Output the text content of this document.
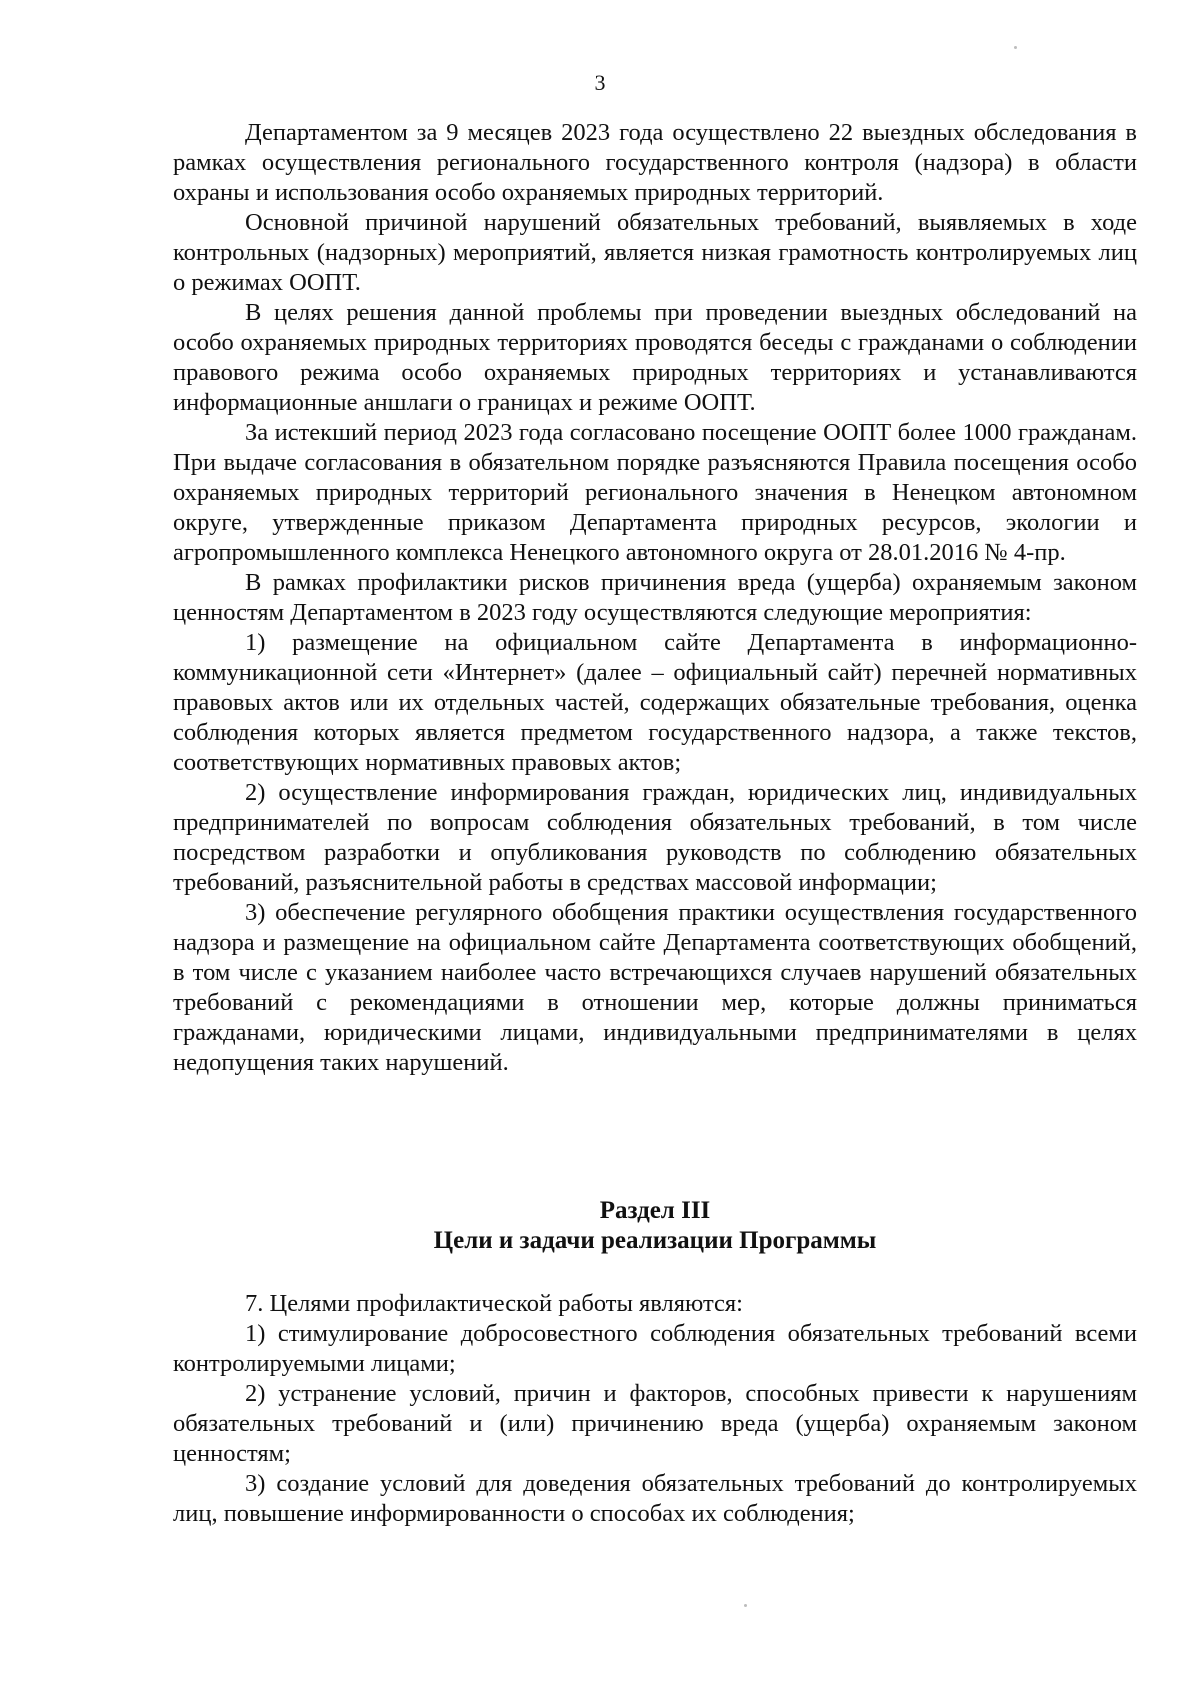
3

Департаментом за 9 месяцев 2023 года осуществлено 22 выездных обследования в рамках осуществления регионального государственного контроля (надзора) в области охраны и использования особо охраняемых природных территорий.

Основной причиной нарушений обязательных требований, выявляемых в ходе контрольных (надзорных) мероприятий, является низкая грамотность контролируемых лиц о режимах ООПТ.

В целях решения данной проблемы при проведении выездных обследований на особо охраняемых природных территориях проводятся беседы с гражданами о соблюдении правового режима особо охраняемых природных территориях и устанавливаются информационные аншлаги о границах и режиме ООПТ.

За истекший период 2023 года согласовано посещение ООПТ более 1000 гражданам. При выдаче согласования в обязательном порядке разъясняются Правила посещения особо охраняемых природных территорий регионального значения в Ненецком автономном округе, утвержденные приказом Департамента природных ресурсов, экологии и агропромышленного комплекса Ненецкого автономного округа от 28.01.2016 № 4-пр.

В рамках профилактики рисков причинения вреда (ущерба) охраняемым законом ценностям Департаментом в 2023 году осуществляются следующие мероприятия:

1) размещение на официальном сайте Департамента в информационно-коммуникационной сети «Интернет» (далее – официальный сайт) перечней нормативных правовых актов или их отдельных частей, содержащих обязательные требования, оценка соблюдения которых является предметом государственного надзора, а также текстов, соответствующих нормативных правовых актов;

2) осуществление информирования граждан, юридических лиц, индивидуальных предпринимателей по вопросам соблюдения обязательных требований, в том числе посредством разработки и опубликования руководств по соблюдению обязательных требований, разъяснительной работы в средствах массовой информации;

3) обеспечение регулярного обобщения практики осуществления государственного надзора и размещение на официальном сайте Департамента соответствующих обобщений, в том числе с указанием наиболее часто встречающихся случаев нарушений обязательных требований с рекомендациями в отношении мер, которые должны приниматься гражданами, юридическими лицами, индивидуальными предпринимателями в целях недопущения таких нарушений.

Раздел III
Цели и задачи реализации Программы

7. Целями профилактической работы являются:

1) стимулирование добросовестного соблюдения обязательных требований всеми контролируемыми лицами;

2) устранение условий, причин и факторов, способных привести к нарушениям обязательных требований и (или) причинению вреда (ущерба) охраняемым законом ценностям;

3) создание условий для доведения обязательных требований до контролируемых лиц, повышение информированности о способах их соблюдения;
